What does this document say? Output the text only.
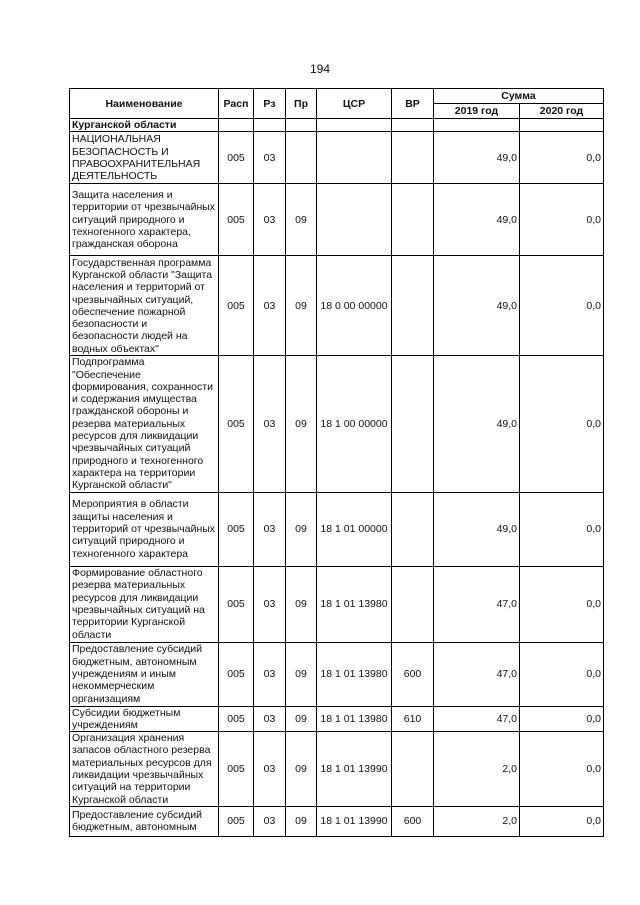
194
Наименование	Расп	Рз	Пр	ЦСР	ВР	Сумма	
						2019 год	2020 год
Курганской области							
НАЦИОНАЛЬНАЯ БЕЗОПАСНОСТЬ И ПРАВООХРАНИТЕЛЬНАЯ ДЕЯТЕЛЬНОСТЬ	005	03				49,0	0,0
Защита населения и территории от чрезвычайных ситуаций природного и техногенного характера, гражданская оборона	005	03	09			49,0	0,0
Государственная программа Курганской области "Защита населения и территорий от чрезвычайных ситуаций, обеспечение пожарной безопасности и безопасности людей на водных объектах"	005	03	09	18 0 00 00000		49,0	0,0
Подпрограмма "Обеспечение формирования, сохранности и содержания имущества гражданской обороны и резерва материальных ресурсов для ликвидации чрезвычайных ситуаций природного и техногенного характера на территории Курганской области"	005	03	09	18 1 00 00000		49,0	0,0
Мероприятия в области защиты населения и территорий от чрезвычайных ситуаций природного и техногенного характера	005	03	09	18 1 01 00000		49,0	0,0
Формирование областного резерва материальных ресурсов для ликвидации чрезвычайных ситуаций на территории Курганской области	005	03	09	18 1 01 13980		47,0	0,0
Предоставление субсидий бюджетным, автономным учреждениям и иным некоммерческим организациям	005	03	09	18 1 01 13980	600	47,0	0,0
Субсидии бюджетным учреждениям	005	03	09	18 1 01 13980	610	47,0	0,0
Организация хранения запасов областного резерва материальных ресурсов для ликвидации чрезвычайных ситуаций на территории Курганской области	005	03	09	18 1 01 13990		2,0	0,0
Предоставление субсидий бюджетным, автономным	005	03	09	18 1 01 13990	600	2,0	0,0
